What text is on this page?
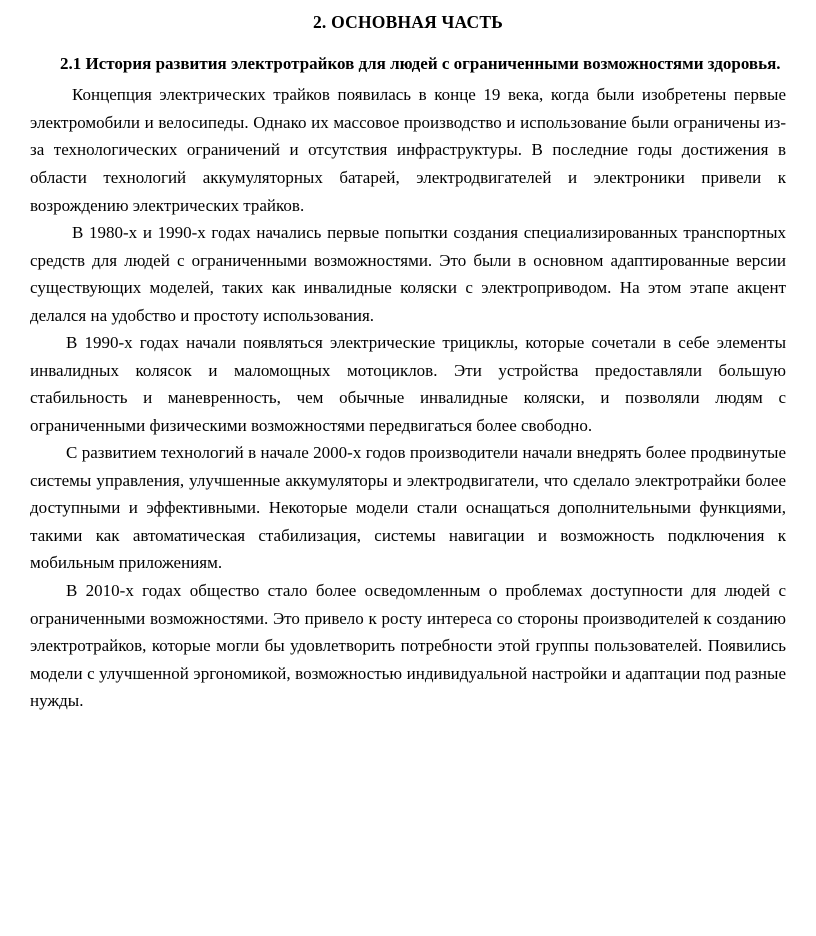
2. ОСНОВНАЯ ЧАСТЬ
2.1 История развития электротрайков для людей с ограниченными возможностями здоровья.

Концепция электрических трайков появилась в конце 19 века, когда были изобретены первые электромобили и велосипеды. Однако их массовое производство и использование были ограничены из-за технологических ограничений и отсутствия инфраструктуры. В последние годы достижения в области технологий аккумуляторных батарей, электродвигателей и электроники привели к возрождению электрических трайков.

В 1980-х и 1990-х годах начались первые попытки создания специализированных транспортных средств для людей с ограниченными возможностями. Это были в основном адаптированные версии существующих моделей, таких как инвалидные коляски с электроприводом. На этом этапе акцент делался на удобство и простоту использования.

В 1990-х годах начали появляться электрические трициклы, которые сочетали в себе элементы инвалидных колясок и маломощных мотоциклов. Эти устройства предоставляли большую стабильность и маневренность, чем обычные инвалидные коляски, и позволяли людям с ограниченными физическими возможностями передвигаться более свободно.

С развитием технологий в начале 2000-х годов производители начали внедрять более продвинутые системы управления, улучшенные аккумуляторы и электродвигатели, что сделало электротрайки более доступными и эффективными. Некоторые модели стали оснащаться дополнительными функциями, такими как автоматическая стабилизация, системы навигации и возможность подключения к мобильным приложениям.

В 2010-х годах общество стало более осведомленным о проблемах доступности для людей с ограниченными возможностями. Это привело к росту интереса со стороны производителей к созданию электротрайков, которые могли бы удовлетворить потребности этой группы пользователей. Появились модели с улучшенной эргономикой, возможностью индивидуальной настройки и адаптации под разные нужды.
